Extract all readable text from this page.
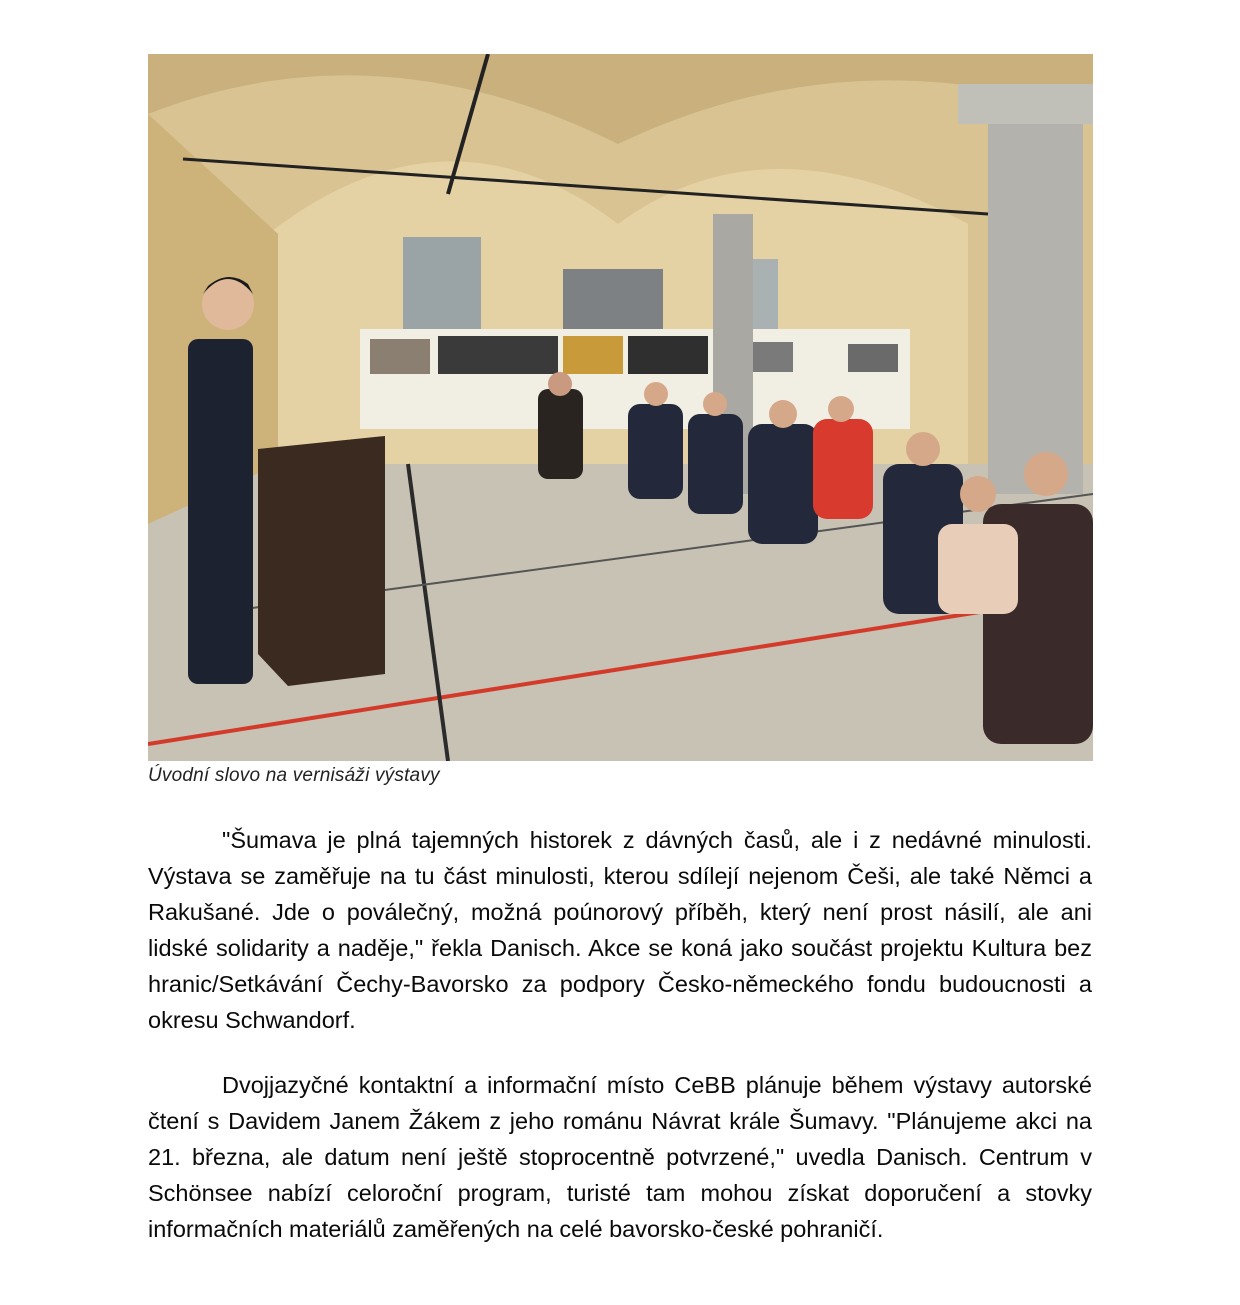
Úvodní slovo na vernisáži výstavy

"Šumava je plná tajemných historek z dávných časů, ale i z nedávné minulosti. Výstava se zaměřuje na tu část minulosti, kterou sdílejí nejenom Češi, ale také Němci a Rakušané. Jde o poválečný, možná poúnorový příběh, který není prost násilí, ale ani lidské solidarity a naděje," řekla Danisch. Akce se koná jako součást projektu Kultura bez hranic/Setkávání Čechy-Bavorsko za podpory Česko-německého fondu budoucnosti a okresu Schwandorf.

Dvojjazyčné kontaktní a informační místo CeBB plánuje během výstavy autorské čtení s Davidem Janem Žákem z jeho románu Návrat krále Šumavy. "Plánujeme akci na 21. března, ale datum není ještě stoprocentně potvrzené," uvedla Danisch. Centrum v Schönsee nabízí celoroční program, turisté tam mohou získat doporučení a stovky informačních materiálů zaměřených na celé bavorsko-české pohraničí.
